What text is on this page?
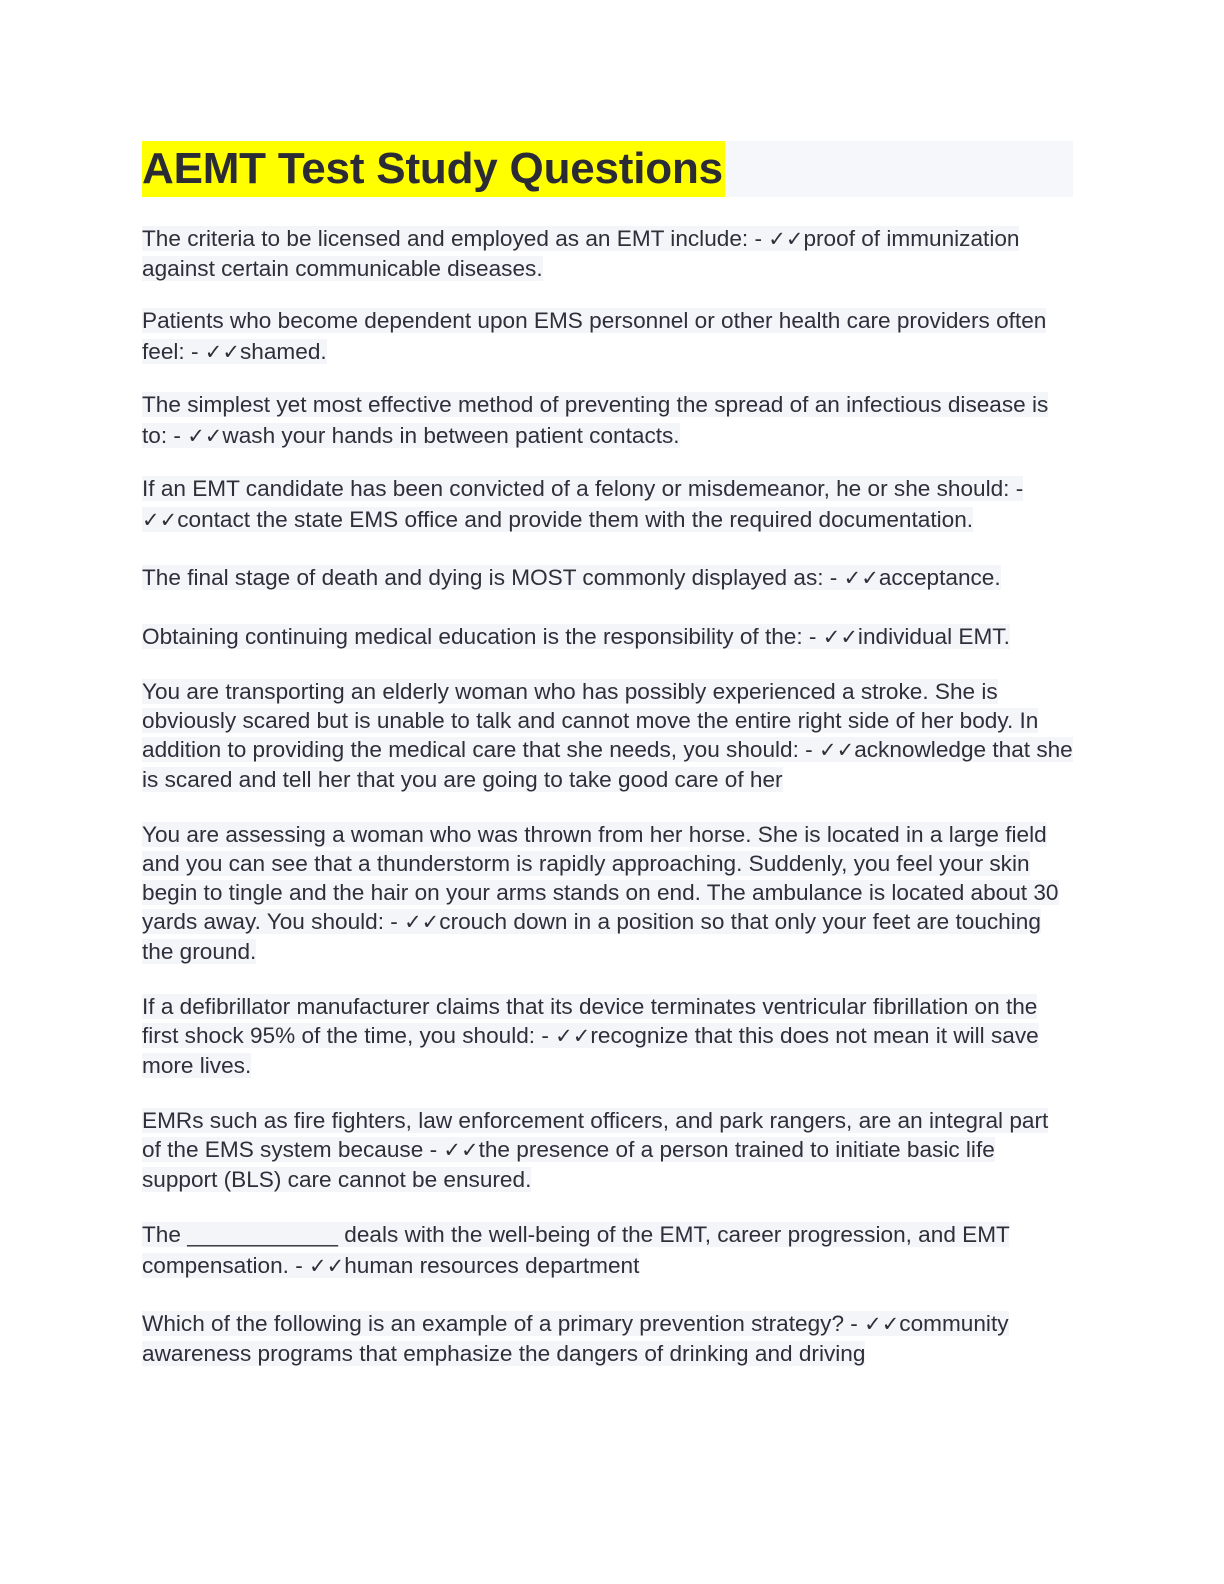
AEMT Test Study Questions

The criteria to be licensed and employed as an EMT include: - ✓✓proof of immunization against certain communicable diseases.

Patients who become dependent upon EMS personnel or other health care providers often feel: - ✓✓shamed.

The simplest yet most effective method of preventing the spread of an infectious disease is to: - ✓✓wash your hands in between patient contacts.

If an EMT candidate has been convicted of a felony or misdemeanor, he or she should: - ✓✓contact the state EMS office and provide them with the required documentation.

The final stage of death and dying is MOST commonly displayed as: - ✓✓acceptance.

Obtaining continuing medical education is the responsibility of the: - ✓✓individual EMT.

You are transporting an elderly woman who has possibly experienced a stroke. She is obviously scared but is unable to talk and cannot move the entire right side of her body. In addition to providing the medical care that she needs, you should: - ✓✓acknowledge that she is scared and tell her that you are going to take good care of her

You are assessing a woman who was thrown from her horse. She is located in a large field and you can see that a thunderstorm is rapidly approaching. Suddenly, you feel your skin begin to tingle and the hair on your arms stands on end. The ambulance is located about 30 yards away. You should: - ✓✓crouch down in a position so that only your feet are touching the ground.

If a defibrillator manufacturer claims that its device terminates ventricular fibrillation on the first shock 95% of the time, you should: - ✓✓recognize that this does not mean it will save more lives.

EMRs such as fire fighters, law enforcement officers, and park rangers, are an integral part of the EMS system because - ✓✓the presence of a person trained to initiate basic life support (BLS) care cannot be ensured.

The ____________ deals with the well-being of the EMT, career progression, and EMT compensation. - ✓✓human resources department

Which of the following is an example of a primary prevention strategy? - ✓✓community awareness programs that emphasize the dangers of drinking and driving
